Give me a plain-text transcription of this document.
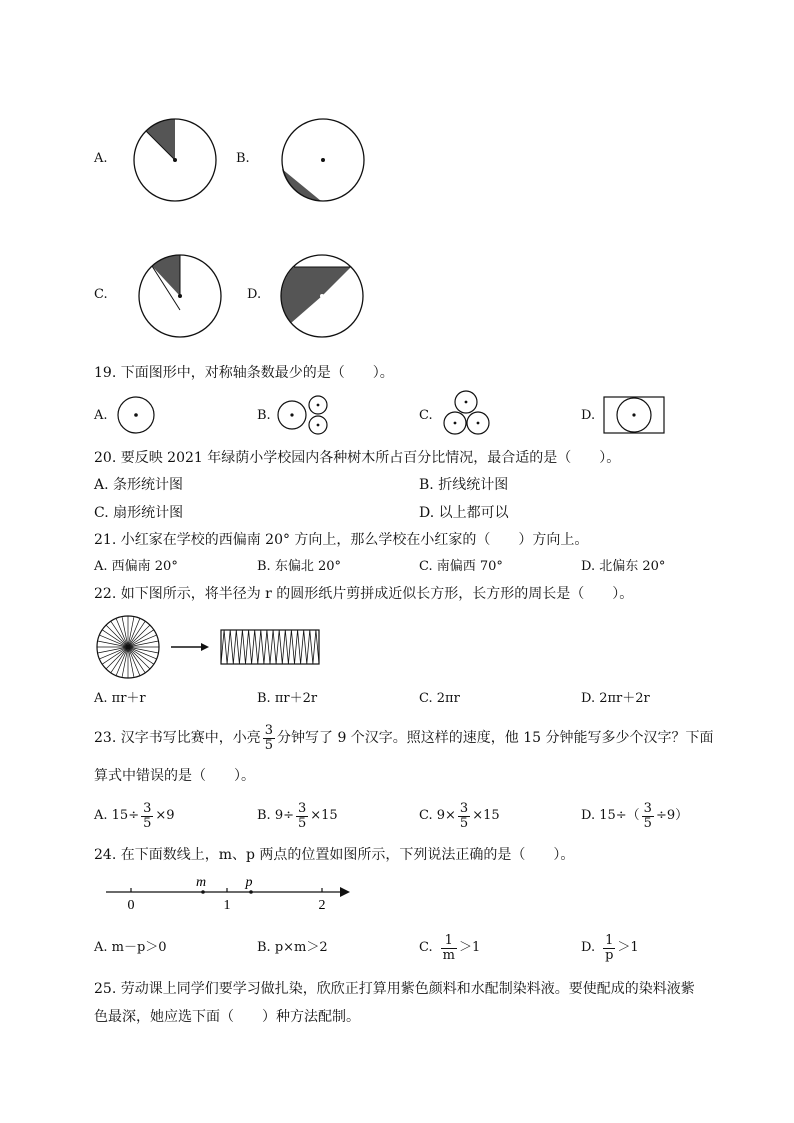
A.	B.
C.	D.
19. 下面图形中，对称轴条数最少的是（　　）。
A.	B.	C.	D.
20. 要反映 2021 年绿荫小学校园内各种树木所占百分比情况，最合适的是（　　）。
A. 条形统计图	B. 折线统计图
C. 扇形统计图	D. 以上都可以
21. 小红家在学校的西偏南 20° 方向上，那么学校在小红家的（　　）方向上。
A. 西偏南 20°	B. 东偏北 20°	C. 南偏西 70°	D. 北偏东 20°
22. 如下图所示，将半径为 r 的圆形纸片剪拼成近似长方形，长方形的周长是（　　）。
A. πr＋r	B. πr＋2r	C. 2πr	D. 2πr＋2r
23. 汉字书写比赛中，小亮 $\frac{3}{5}$ 分钟写了 9 个汉字。照这样的速度，他 15 分钟能写多少个汉字？下面
算式中错误的是（　　）。
A. $15\div \frac{3}{5} \times 9$	B. $9\div \frac{3}{5} \times 15$	C. $9\times \frac{3}{5} \times 15$	D. $15\div( \frac{3}{5} \div 9)$
24. 在下面数线上，m、p 两点的位置如图所示，下列说法正确的是（　　）。
0	1	2
m	p
A. m－p＞0	B. p×m＞2	C. $\frac{1}{m} >1$	D. $\frac{1}{p} >1$
25. 劳动课上同学们要学习做扎染，欣欣正打算用紫色颜料和水配制染料液。要使配成的染料液紫
色最深，她应选下面（　　）种方法配制。
